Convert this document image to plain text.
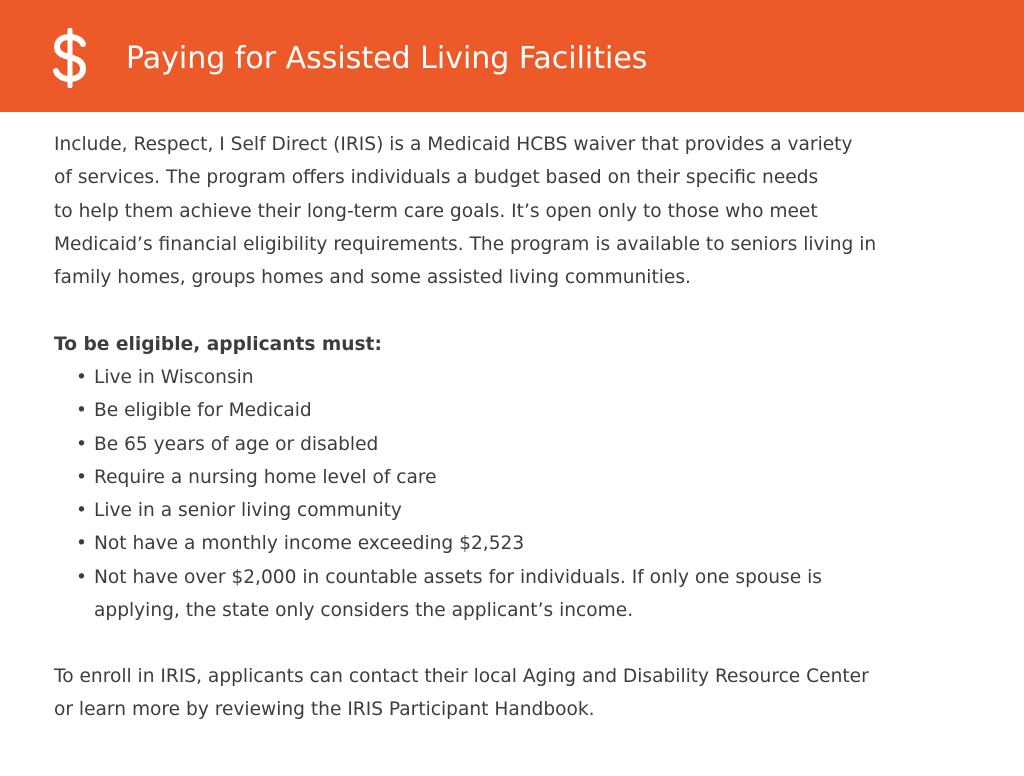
Paying for Assisted Living Facilities
Include, Respect, I Self Direct (IRIS) is a Medicaid HCBS waiver that provides a variety
of services. The program offers individuals a budget based on their specific needs
to help them achieve their long-term care goals. It’s open only to those who meet
Medicaid’s financial eligibility requirements. The program is available to seniors living in
family homes, groups homes and some assisted living communities.
To be eligible, applicants must:
• Live in Wisconsin
• Be eligible for Medicaid
• Be 65 years of age or disabled
• Require a nursing home level of care
• Live in a senior living community
• Not have a monthly income exceeding $2,523
• Not have over $2,000 in countable assets for individuals. If only one spouse is
applying, the state only considers the applicant’s income.
To enroll in IRIS, applicants can contact their local Aging and Disability Resource Center
or learn more by reviewing the IRIS Participant Handbook.
